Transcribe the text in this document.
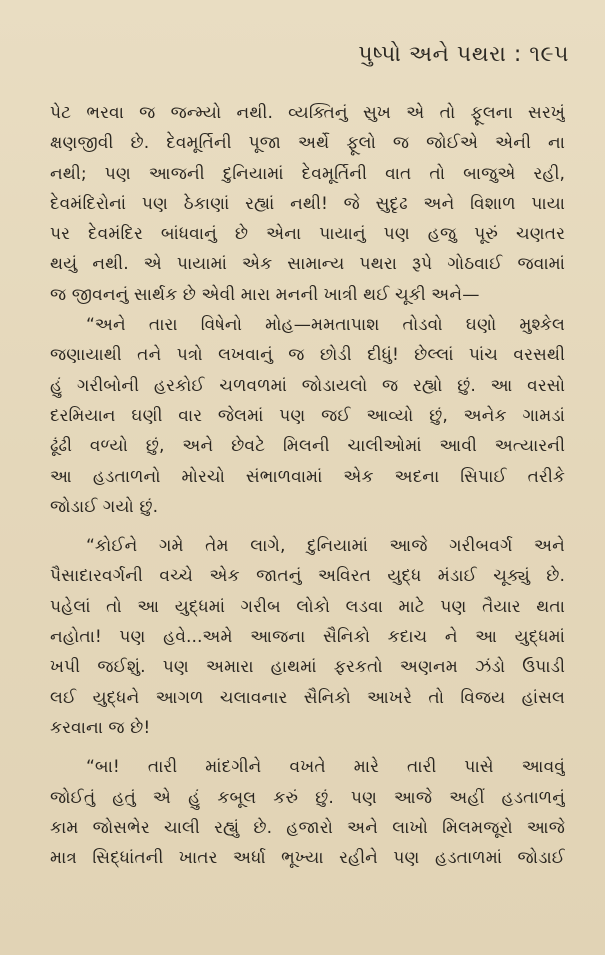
પુષ્પો અને પથરા : ૧૯૫
પેટ ભરવા જ જન્મ્યો નથી. વ્યક્તિનું સુખ એ તો ફૂલના સરખું
ક્ષણજીવી છે. દેવમૂર્તિની પૂજા અર્થે ફૂલો જ જોઈએ એની ના
નથી; પણ આજની દુનિયામાં દેવમૂર્તિની વાત તો બાજુએ રહી,
દેવમંદિરોનાં પણ ઠેકાણાં રહ્યાં નથી! જે સુદૃઢ અને વિશાળ પાયા
પર દેવમંદિર બાંધવાનું છે એના પાયાનું પણ હજુ પૂરું ચણતર
થયું નથી. એ પાયામાં એક સામાન્ય પથરા રૂપે ગોઠવાઈ જવામાં
જ જીવનનું સાર્થક છે એવી મારા મનની ખાત્રી થઈ ચૂકી અને—
“અને તારા વિષેનો મોહ—મમતાપાશ તોડવો ઘણો મુશ્કેલ
જણાયાથી તને પત્રો લખવાનું જ છોડી દીધું! છેલ્લાં પાંચ વરસથી
હું ગરીબોની હરકોઈ ચળવળમાં જોડાયલો જ રહ્યો છું. આ વરસો
દરમિયાન ઘણી વાર જેલમાં પણ જઈ આવ્યો છું, અનેક ગામડાં
ઢૂંઢી વળ્યો છું, અને છેવટે મિલની ચાલીઓમાં આવી અત્યારની
આ હડતાળનો મોરચો સંભાળવામાં એક અદના સિપાઈ તરીકે
જોડાઈ ગયો છું.
“કોઈને ગમે તેમ લાગે, દુનિયામાં આજે ગરીબવર્ગ અને
પૈસાદારવર્ગની વચ્ચે એક જાતનું અવિરત યુદ્ધ મંડાઈ ચૂક્યું છે.
પહેલાં તો આ યુદ્ધમાં ગરીબ લોકો લડવા માટે પણ તૈયાર થતા
નહોતા! પણ હવે...અમે આજના સૈનિકો કદાચ ને આ યુદ્ધમાં
ખપી જઈશું. પણ અમારા હાથમાં ફરકતો અણનમ ઝંડો ઉપાડી
લઈ યુદ્ધને આગળ ચલાવનાર સૈનિકો આખરે તો વિજય હાંસલ
કરવાના જ છે!
“બા! તારી માંદગીને વખતે મારે તારી પાસે આવવું
જોઈતું હતું એ હું કબૂલ કરું છું. પણ આજે અહીં હડતાળનું
કામ જોસભેર ચાલી રહ્યું છે. હજારો અને લાખો મિલમજૂરો આજે
માત્ર સિદ્ધાંતની ખાતર અર્ધા ભૂખ્યા રહીને પણ હડતાળમાં જોડાઈ
